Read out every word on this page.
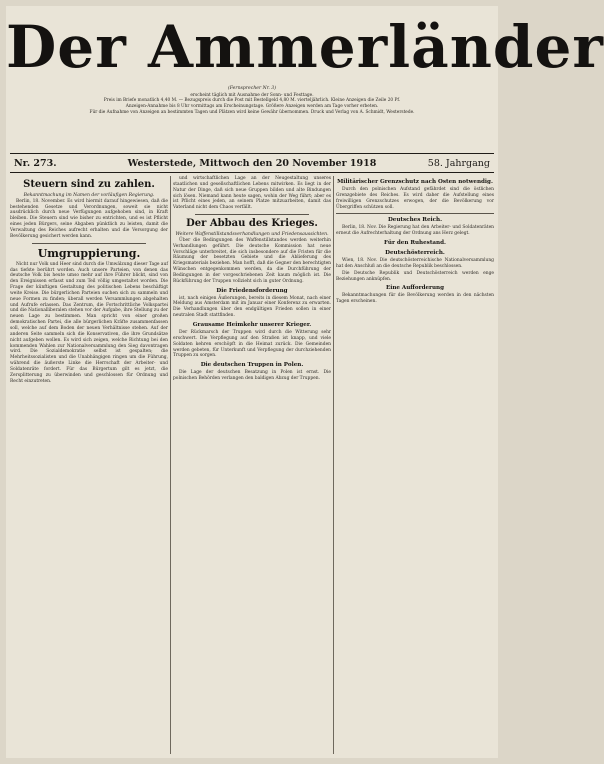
Der Ammerländer
(Fernsprecher Nr. 3)
erscheint täglich mit Ausnahme der Sonn- und Festtage.
Preis im Briefe monatlich 4,40 M. — Bezugspreis durch die Post mit Bestellgeld 4,80 M. vierteljährlich. Kleine Anzeigen die Zeile 20 Pf.
Anzeigen-Annahme bis 8 Uhr vormittags am Erscheinungstage. Größere Anzeigen werden am Tage vorher erbeten.
Für die Aufnahme von Anzeigen an bestimmten Tagen und Plätzen wird keine Gewähr übernommen. Druck und Verlag von A. Schmidt, Westerstede.
Nr. 273.	Westerstede, Mittwoch den 20 November 1918	58. Jahrgang
Steuern sind zu zahlen.
Bekanntmachung im Namen der vorläufigen Regierung.

Berlin, 18. November. Es wird hiermit darauf hingewiesen, daß die bestehenden Gesetze und Verordnungen, soweit sie nicht ausdrücklich durch neue Verfügungen aufgehoben sind, in Kraft bleiben. Die Steuern sind wie bisher zu entrichten, und es ist Pflicht eines jeden Bürgers, seine Abgaben pünktlich zu leisten, damit die Verwaltung des Reiches aufrecht erhalten und die Versorgung der Bevölkerung gesichert werden kann.

Umgruppierung.

Nicht nur Volk und Heer sind durch die Umwälzung dieser Tage auf das tiefste berührt worden. Auch unsere Parteien, von denen das deutsche Volk bis heute umso mehr auf ihre Führer blickt, sind von den Ereignissen erfasst und zum Teil völlig umgestaltet worden. Die Frage der künftigen Gestaltung des politischen Lebens beschäftigt weite Kreise. Die bürgerlichen Parteien suchen sich zu sammeln und neue Formen zu finden; überall werden Versammlungen abgehalten und Aufrufe erlassen. Das Zentrum, die Fortschrittliche Volkspartei und die Nationalliberalen stehen vor der Aufgabe, ihre Stellung zu der neuen Lage zu bestimmen. Man spricht von einer großen demokratischen Partei, die alle bürgerlichen Kräfte zusammenfassen soll, welche auf dem Boden der neuen Verhältnisse stehen. Auf der anderen Seite sammeln sich die Konservativen, die ihre Grundsätze nicht aufgeben wollen. Es wird sich zeigen, welche Richtung bei den kommenden Wahlen zur Nationalversammlung den Sieg davontragen wird. Die Sozialdemokratie selbst ist gespalten; die Mehrheitssozialisten und die Unabhängigen ringen um die Führung, während die äußerste Linke die Herrschaft der Arbeiter- und Soldatenräte fordert. Für das Bürgertum gilt es jetzt, die Zersplitterung zu überwinden und geschlossen für Ordnung und Recht einzutreten.

und wirtschaftlichen Lage an der Neugestaltung unseres staatlichen und gesellschaftlichen Lebens mitwirken. Es liegt in der Natur der Dinge, daß sich neue Gruppen bilden und alte Bindungen sich lösen. Niemand kann heute sagen, wohin der Weg führt; aber es ist Pflicht eines jeden, an seinem Platze mitzuarbeiten, damit das Vaterland nicht dem Chaos verfällt.

Der Abbau des Krieges.
Weitere Waffenstillstandsverhandlungen und Friedensaussichten.

Über die Bedingungen des Waffenstillstandes werden weiterhin Verhandlungen geführt. Die deutsche Kommission hat neue Vorschläge unterbreitet, die sich insbesondere auf die Fristen für die Räumung der besetzten Gebiete und die Ablieferung des Kriegsmaterials beziehen. Man hofft, daß die Gegner den berechtigten Wünschen entgegenkommen werden, da die Durchführung der Bedingungen in der vorgeschriebenen Zeit kaum möglich ist. Die Rückführung der Truppen vollzieht sich in guter Ordnung.

Die Friedensforderung

ist, nach einigen Äußerungen, bereits in diesem Monat, nach einer Meldung aus Amsterdam mit im Januar einer Konferenz zu erwarten. Die Verhandlungen über den endgültigen Frieden sollen in einer neutralen Stadt stattfinden.

Grausame Heimkehr unserer Krieger.

Der Rückmarsch der Truppen wird durch die Witterung sehr erschwert. Die Verpflegung auf den Straßen ist knapp, und viele Soldaten kehren erschöpft in die Heimat zurück. Die Gemeinden werden gebeten, für Unterkunft und Verpflegung der durchziehenden Truppen zu sorgen.

Die deutschen Truppen in Polen.

Die Lage der deutschen Besatzung in Polen ist ernst. Die polnischen Behörden verlangen den baldigen Abzug der Truppen.

Militärischer Grenzschutz nach Osten notwendig.

Durch den polnischen Aufstand gefährdet sind die östlichen Grenzgebiete des Reiches. Es wird daher die Aufstellung eines freiwilligen Grenzschutzes erwogen, der die Bevölkerung vor Übergriffen schützen soll.

Deutsches Reich.

Berlin, 18. Nov. Die Regierung hat den Arbeiter- und Soldatenräten erneut die Aufrechterhaltung der Ordnung ans Herz gelegt.

Für den Ruhestand.
Deutschösterreich.

Wien, 18. Nov. Die deutschösterreichische Nationalversammlung hat den Anschluß an die deutsche Republik beschlossen.

Die Deutsche Republik und Deutschösterreich werden enge Beziehungen anknüpfen.

Eine Aufforderung

Bekanntmachungen für die Bevölkerung werden in den nächsten Tagen erscheinen.
